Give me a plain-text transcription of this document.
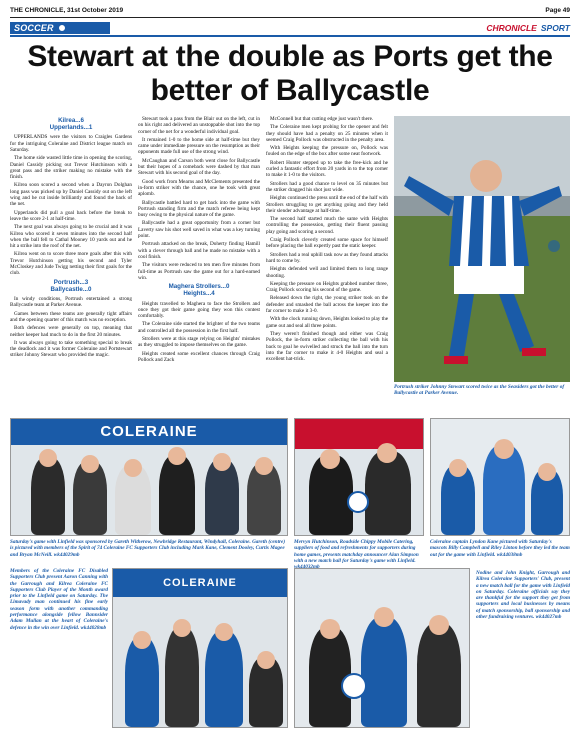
THE CHRONICLE, 31st October 2019	Page 49
SOCCER	CHRONICLE SPORT
Stewart at the double as Ports get the better of Ballycastle
Kilrea...6
Upperlands...1

UPPERLANDS were the visitors to Craigles Gardens for the intriguing Coleraine and District league match on Saturday.

The home side wasted little time in opening the scoring, Daniel Cassidy picking out Trevor Hutchinson with a great pass and the striker making no mistake with the finish.

Kilrea soon scored a second when a Dayron Dolghan long pass was picked up by Daniel Cassidy out on the left wing and he cut inside brilliantly and found the back of the net.

Upperlands did pull a goal back before the break to leave the score 2-1 at half-time.

The next goal was always going to be crucial and it was Kilrea who scored it seven minutes into the second half when the ball fell to Cathal Mooney 10 yards out and he hit a strike into the roof of the net.

Kilrea went on to score three more goals after this with Trevor Hutchinson getting his second and Tyler McCloskey and Jude Twigg netting their first goals for the club.

Portrush...3
Ballycastle...0

In windy conditions, Portrush entertained a strong Ballycastle team at Parker Avenue.

Games between these teams are generally tight affairs and the opening quarter of this match was no exception.

Both defences were generally on top, meaning that neither keeper had much to do in the first 20 minutes.

It was always going to take something special to break the deadlock and it was former Coleraine and Portstewart striker Johnny Stewart who provided the magic.

Stewart took a pass from the Blair out on the left, cut in on his right and delivered an unstoppable shot into the top corner of the net for a wonderful individual goal.

It remained 1-0 to the home side at half-time but they came under immediate pressure on the resumption as their opponents made full use of the strong wind.

McCaughan and Carson both went close for Ballycastle but their hopes of a comeback were dashed by that man Stewart with his second goal of the day.

Good work from Mearns and McClements presented the in-form striker with the chance, one he took with great aplomb.

Ballycastle battled hard to get back into the game with Portrush standing firm and the match referee being kept busy owing to the physical nature of the game.

Ballycastle had a great opportunity from a corner but Laverty saw his shot well saved in what was a key turning point.

Portrush attacked on the break, Doherty finding Hamill with a clever through ball and he made no mistake with a cool finish.

The visitors were reduced to ten men five minutes from full-time as Portrush saw the game out for a hard-earned win.

Maghera Strollers...0
Heights...4

Heights travelled to Maghera to face the Strollers and once they got their game going they won this contest comfortably.

The Coleraine side started the brighter of the two teams and controlled all the possession in the first half.

Strollers were at this stage relying on Heights' mistakes as they struggled to impose themselves on the game.

Heights created some excellent chances through Craig Pollock and Zack

McConnell but that cutting edge just wasn't there.

The Coleraine men kept probing for the opener and felt they should have had a penalty on 25 minutes when it seemed Craig Pollock was obstructed in the penalty area.

With Heights keeping the pressure on, Pollock was fouled on the edge of the box after some neat footwork.

Robert Hunter stepped up to take the free-kick and he curled a fantastic effort from 20 yards in to the top corner to make it 1-0 to the visitors.

Strollers had a good chance to level on 35 minutes but the striker dragged his shot just wide.

Heights continued the press until the end of the half with Strollers struggling to get anything going and they held their slender advantage at half-time.

The second half started much the same with Heights controlling the possession, getting their fluent passing play going and scoring a second.

Craig Pollock cleverly created some space for himself before placing the ball expertly past the static keeper.

Strollers had a real uphill task now as they found attacks hard to come by.

Heights defended well and limited them to long range shooting.

Keeping the pressure on Heights grabbed number three, Craig Pollock scoring his second of the game.

Released down the right, the young striker took on the defender and smashed the ball across the keeper into the far corner to make it 3-0.

With the clock running down, Heights looked to play the game out and seal all three points.

They weren't finished though and either was Craig Pollock, the in-form striker collecting the ball with his back to goal he swivelled and struck the ball into the turn into the far corner to make it 4-0 Heights and seal a excellent hat-trick.

Portrush striker Johnny Stewart scored twice as the Seasiders got the better of Ballycastle at Parker Avenue.
COLERAINE
Saturday's game with Linfield was sponsored by Gareth Witherow, Newbridge Restaurant, Windyhall, Coleraine. Gareth (centre) is pictured with members of the Spirit of 74 Coleraine FC Supporters Club including Mark Kane, Clement Dooley, Curtis Magee and Bryan McNeill. wk44029mb
Mervyn Hutchinson, Roadside Chippy Mobile Catering, suppliers of food and refreshments for supporters during home games, presents matchday announcer Alan Simpson with a new match ball for Saturday's game with Linfield.
Coleraine captain Lyndon Kane pictured with Saturday's mascots Billy Campbell and Riley Linton before they led the team out for the game with Linfield. wk44038mb
Members of the Coleraine FC Disabled Supporters Club present Aaron Canning with the Garrough and Kilrea Coleraine FC Supporters Club Player of the Month award prior to the Linfield game on Saturday. The Limavady man continued his fine early season form with another commanding performance alongside fellow Bannsider Adam Mullan at the heart of Coleraine's defence in the win over Linfield. wk44028mb
COLERAINE
Nodine and John Knight, Garrough and Kilrea Coleraine Supporters' Club, present a new match ball for the game with Linfield on Saturday. Coleraine officials say they are thankful for the support they get from supporters and local businesses by means of match sponsorship, ball sponsorship and other fundraising ventures. wk44027mb
